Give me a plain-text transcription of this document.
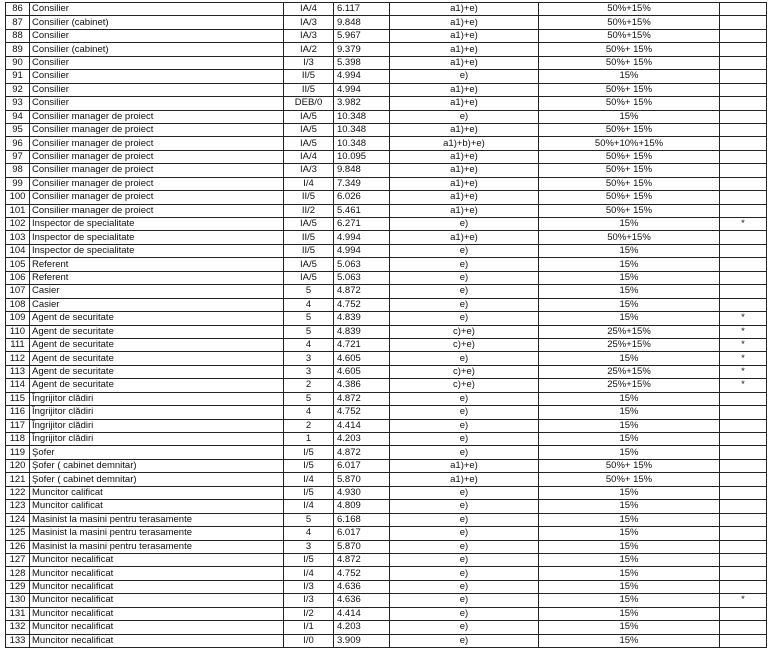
86	Consilier	IA/4	6.117	a1)+e)	50%+15%	
87	Consilier (cabinet)	IA/3	9.848	a1)+e)	50%+15%	
88	Consilier	IA/3	5.967	a1)+e)	50%+15%	
89	Consilier (cabinet)	IA/2	9.379	a1)+e)	50%+ 15%	
90	Consilier	I/3	5.398	a1)+e)	50%+ 15%	
91	Consilier	II/5	4.994	e)	15%	
92	Consilier	II/5	4.994	a1)+e)	50%+ 15%	
93	Consilier	DEB/0	3.982	a1)+e)	50%+ 15%	
94	Consilier manager de proiect	IA/5	10.348	e)	15%	
95	Consilier manager de proiect	IA/5	10.348	a1)+e)	50%+ 15%	
96	Consilier manager de proiect	IA/5	10.348	a1)+b)+e)	50%+10%+15%	
97	Consilier manager de proiect	IA/4	10.095	a1)+e)	50%+ 15%	
98	Consilier manager de proiect	IA/3	9.848	a1)+e)	50%+ 15%	
99	Consilier manager de proiect	I/4	7.349	a1)+e)	50%+ 15%	
100	Consilier manager de proiect	II/5	6.026	a1)+e)	50%+ 15%	
101	Consilier manager de proiect	II/2	5.461	a1)+e)	50%+ 15%	
102	Inspector de specialitate	IA/5	6.271	e)	15%	*
103	Inspector de specialitate	II/5	4.994	a1)+e)	50%+15%	
104	Inspector de specialitate	II/5	4.994	e)	15%	
105	Referent	IA/5	5.063	e)	15%	
106	Referent	IA/5	5.063	e)	15%	
107	Casier	5	4.872	e)	15%	
108	Casier	4	4.752	e)	15%	
109	Agent de securitate	5	4.839	e)	15%	*
110	Agent de securitate	5	4.839	c)+e)	25%+15%	*
111	Agent de securitate	4	4.721	c)+e)	25%+15%	*
112	Agent de securitate	3	4.605	e)	15%	*
113	Agent de securitate	3	4.605	c)+e)	25%+15%	*
114	Agent de securitate	2	4.386	c)+e)	25%+15%	*
115	Îngrijitor clădiri	5	4.872	e)	15%	
116	Îngrijitor clădiri	4	4.752	e)	15%	
117	Îngrijitor clădiri	2	4.414	e)	15%	
118	Îngrijitor clădiri	1	4.203	e)	15%	
119	Şofer	I/5	4.872	e)	15%	
120	Şofer ( cabinet demnitar)	I/5	6.017	a1)+e)	50%+ 15%	
121	Şofer ( cabinet demnitar)	I/4	5.870	a1)+e)	50%+ 15%	
122	Muncitor calificat	I/5	4.930	e)	15%	
123	Muncitor calificat	I/4	4.809	e)	15%	
124	Masinist la masini pentru terasamente	5	6.168	e)	15%	
125	Masinist la masini pentru terasamente	4	6.017	e)	15%	
126	Masinist la masini pentru terasamente	3	5.870	e)	15%	
127	Muncitor necalificat	I/5	4.872	e)	15%	
128	Muncitor necalificat	I/4	4.752	e)	15%	
129	Muncitor necalificat	I/3	4.636	e)	15%	
130	Muncitor necalificat	I/3	4.636	e)	15%	*
131	Muncitor necalificat	I/2	4.414	e)	15%	
132	Muncitor necalificat	I/1	4.203	e)	15%	
133	Muncitor necalificat	I/0	3.909	e)	15%	
